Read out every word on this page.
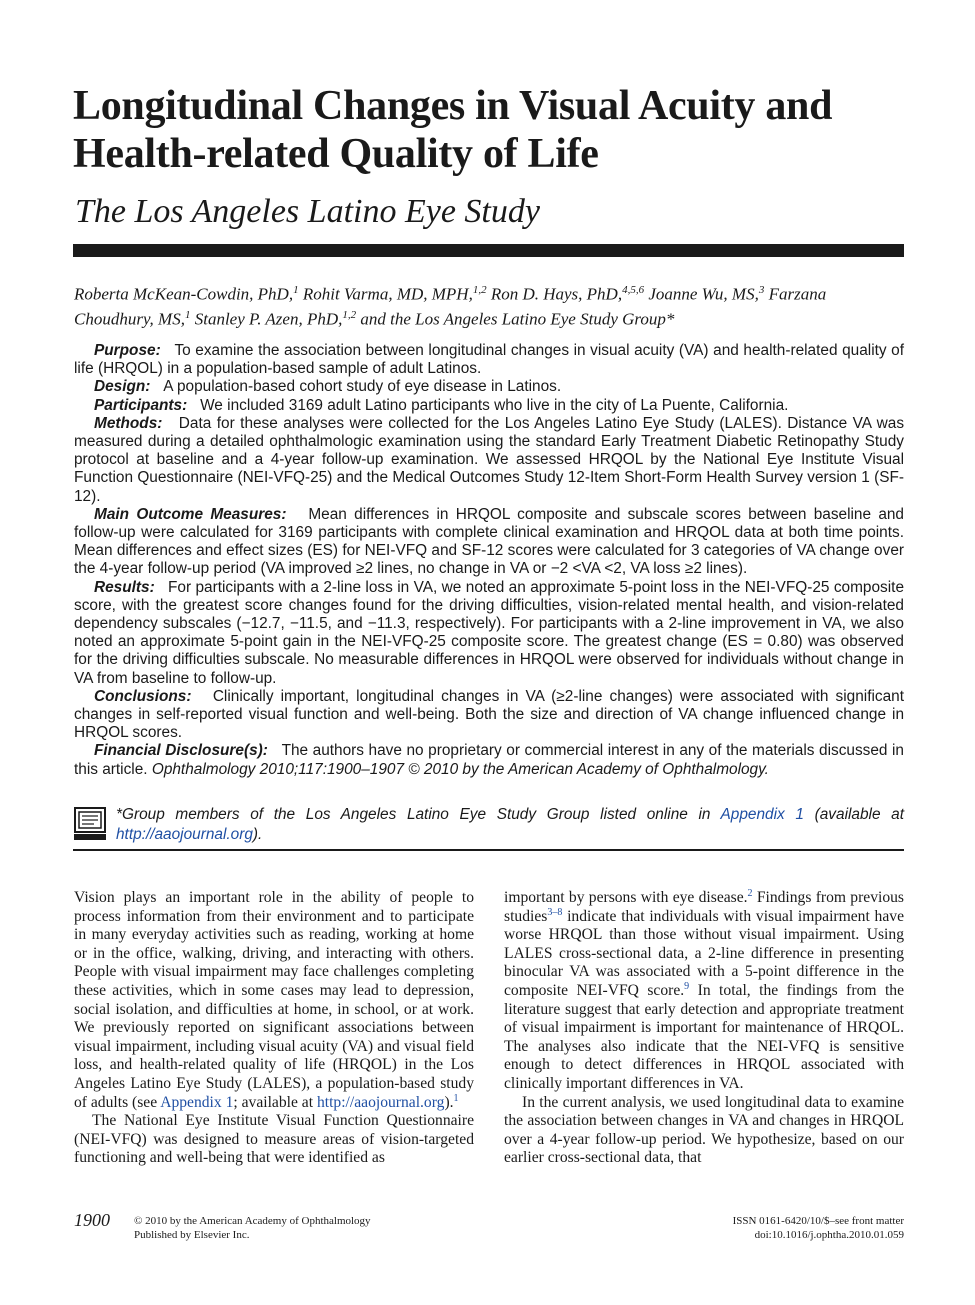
Longitudinal Changes in Visual Acuity and Health-related Quality of Life
The Los Angeles Latino Eye Study
Roberta McKean-Cowdin, PhD,$^1$ Rohit Varma, MD, MPH,$^{1,2}$ Ron D. Hays, PhD,$^{4,5,6}$ Joanne Wu, MS,$^3$ Farzana Choudhury, MS,$^1$ Stanley P. Azen, PhD,$^{1,2}$ and the Los Angeles Latino Eye Study Group*

Purpose: To examine the association between longitudinal changes in visual acuity (VA) and health-related quality of life (HRQOL) in a population-based sample of adult Latinos.

Design: A population-based cohort study of eye disease in Latinos.

Participants: We included 3169 adult Latino participants who live in the city of La Puente, California.

Methods: Data for these analyses were collected for the Los Angeles Latino Eye Study (LALES). Distance VA was measured during a detailed ophthalmologic examination using the standard Early Treatment Diabetic Retinopathy Study protocol at baseline and a 4-year follow-up examination. We assessed HRQOL by the National Eye Institute Visual Function Questionnaire (NEI-VFQ-25) and the Medical Outcomes Study 12-Item Short-Form Health Survey version 1 (SF-12).

Main Outcome Measures: Mean differences in HRQOL composite and subscale scores between baseline and follow-up were calculated for 3169 participants with complete clinical examination and HRQOL data at both time points. Mean differences and effect sizes (ES) for NEI-VFQ and SF-12 scores were calculated for 3 categories of VA change over the 4-year follow-up period (VA improved ≥2 lines, no change in VA or −2 <VA <2, VA loss ≥2 lines).

Results: For participants with a 2-line loss in VA, we noted an approximate 5-point loss in the NEI-VFQ-25 composite score, with the greatest score changes found for the driving difficulties, vision-related mental health, and vision-related dependency subscales (−12.7, −11.5, and −11.3, respectively). For participants with a 2-line improvement in VA, we also noted an approximate 5-point gain in the NEI-VFQ-25 composite score. The greatest change (ES = 0.80) was observed for the driving difficulties subscale. No measurable differences in HRQOL were observed for individuals without change in VA from baseline to follow-up.

Conclusions: Clinically important, longitudinal changes in VA (≥2-line changes) were associated with significant changes in self-reported visual function and well-being. Both the size and direction of VA change influenced change in HRQOL scores.

Financial Disclosure(s): The authors have no proprietary or commercial interest in any of the materials discussed in this article. Ophthalmology 2010;117:1900–1907 © 2010 by the American Academy of Ophthalmology.

*Group members of the Los Angeles Latino Eye Study Group listed online in Appendix 1 (available at http://aaojournal.org).

Vision plays an important role in the ability of people to process information from their environment and to participate in many everyday activities such as reading, working at home or in the office, walking, driving, and interacting with others. People with visual impairment may face challenges completing these activities, which in some cases may lead to depression, social isolation, and difficulties at home, in school, or at work. We previously reported on significant associations between visual impairment, including visual acuity (VA) and visual field loss, and health-related quality of life (HRQOL) in the Los Angeles Latino Eye Study (LALES), a population-based study of adults (see Appendix 1; available at http://aaojournal.org).$^1$

The National Eye Institute Visual Function Questionnaire (NEI-VFQ) was designed to measure areas of vision-targeted functioning and well-being that were identified as

important by persons with eye disease.$^2$ Findings from previous studies$^{3-8}$ indicate that individuals with visual impairment have worse HRQOL than those without visual impairment. Using LALES cross-sectional data, a 2-line difference in presenting binocular VA was associated with a 5-point difference in the composite NEI-VFQ score.$^9$ In total, the findings from the literature suggest that early detection and appropriate treatment of visual impairment is important for maintenance of HRQOL. The analyses also indicate that the NEI-VFQ is sensitive enough to detect differences in HRQOL associated with clinically important differences in VA.

In the current analysis, we used longitudinal data to examine the association between changes in VA and changes in HRQOL over a 4-year follow-up period. We hypothesize, based on our earlier cross-sectional data, that

1900 © 2010 by the American Academy of Ophthalmology
Published by Elsevier Inc.
ISSN 0161-6420/10/$–see front matter
doi:10.1016/j.ophtha.2010.01.059
